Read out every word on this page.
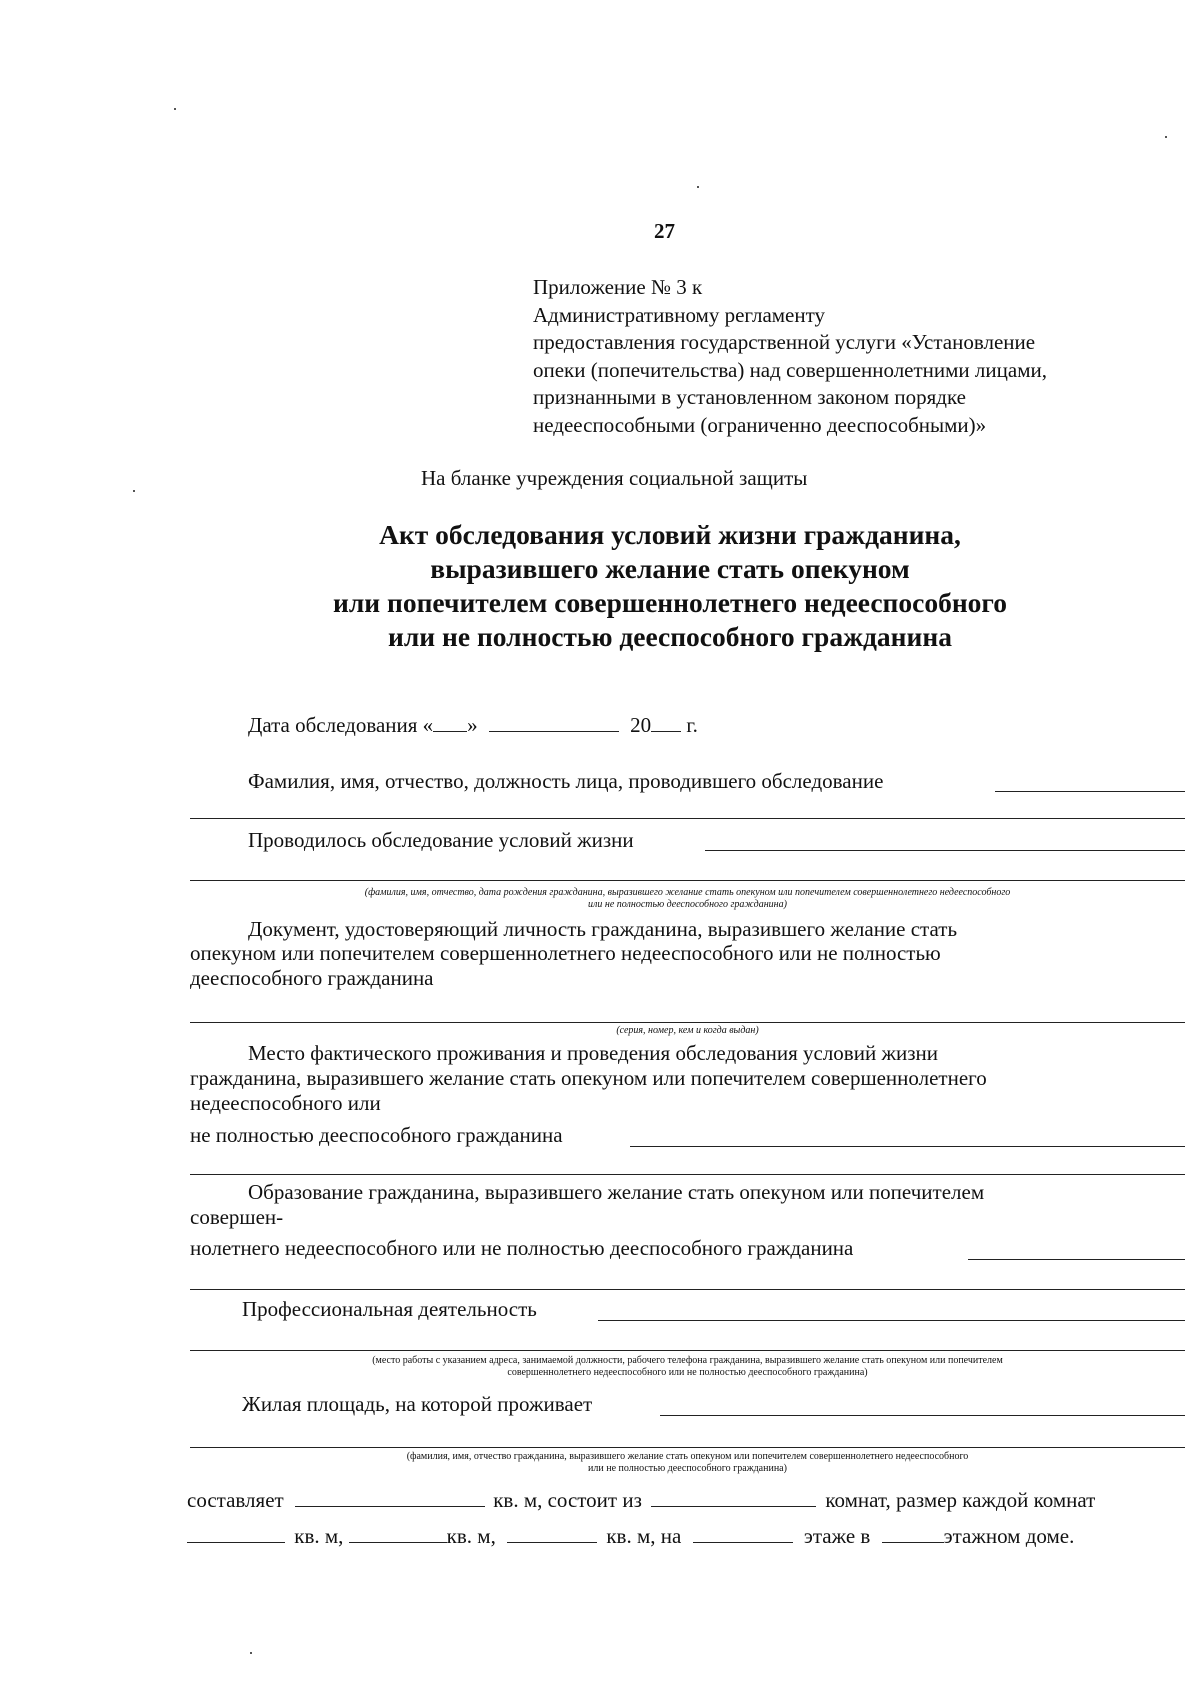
27
Приложение № 3 к
Административному регламенту
предоставления государственной услуги «Установление
опеки (попечительства) над совершеннолетними лицами,
признанными в установленном законом порядке
недееспособными (ограниченно дееспособными)»
На бланке учреждения социальной защиты
Акт обследования условий жизни гражданина,
выразившего желание стать опекуном
или попечителем совершеннолетнего недееспособного
или не полностью дееспособного гражданина
Дата обследования « »	20 г.
Фамилия, имя, отчество, должность лица, проводившего обследование
Проводилось обследование условий жизни
(фамилия, имя, отчество, дата рождения гражданина, выразившего желание стать опекуном или попечителем совершеннолетнего недееспособного
или не полностью дееспособного гражданина)
Документ, удостоверяющий личность гражданина, выразившего желание стать
опекуном или попечителем совершеннолетнего недееспособного или не полностью
дееспособного гражданина
(серия, номер, кем и когда выдан)
Место фактического проживания и проведения обследования условий жизни
гражданина, выразившего желание стать опекуном или попечителем совершеннолетнего
недееспособного или
не полностью дееспособного гражданина
Образование гражданина, выразившего желание стать опекуном или попечителем
совершен-
нолетнего недееспособного или не полностью дееспособного гражданина
Профессиональная деятельность
(место работы с указанием адреса, занимаемой должности, рабочего телефона гражданина, выразившего желание стать опекуном или попечителем
совершеннолетнего недееспособного или не полностью дееспособного гражданина)
Жилая площадь, на которой проживает
(фамилия, имя, отчество гражданина, выразившего желание стать опекуном или попечителем совершеннолетнего недееспособного
или не полностью дееспособного гражданина)
составляет	кв. м, состоит из	комнат, размер каждой комнат
кв. м,	кв. м,	кв. м, на	этаже в	этажном доме.
